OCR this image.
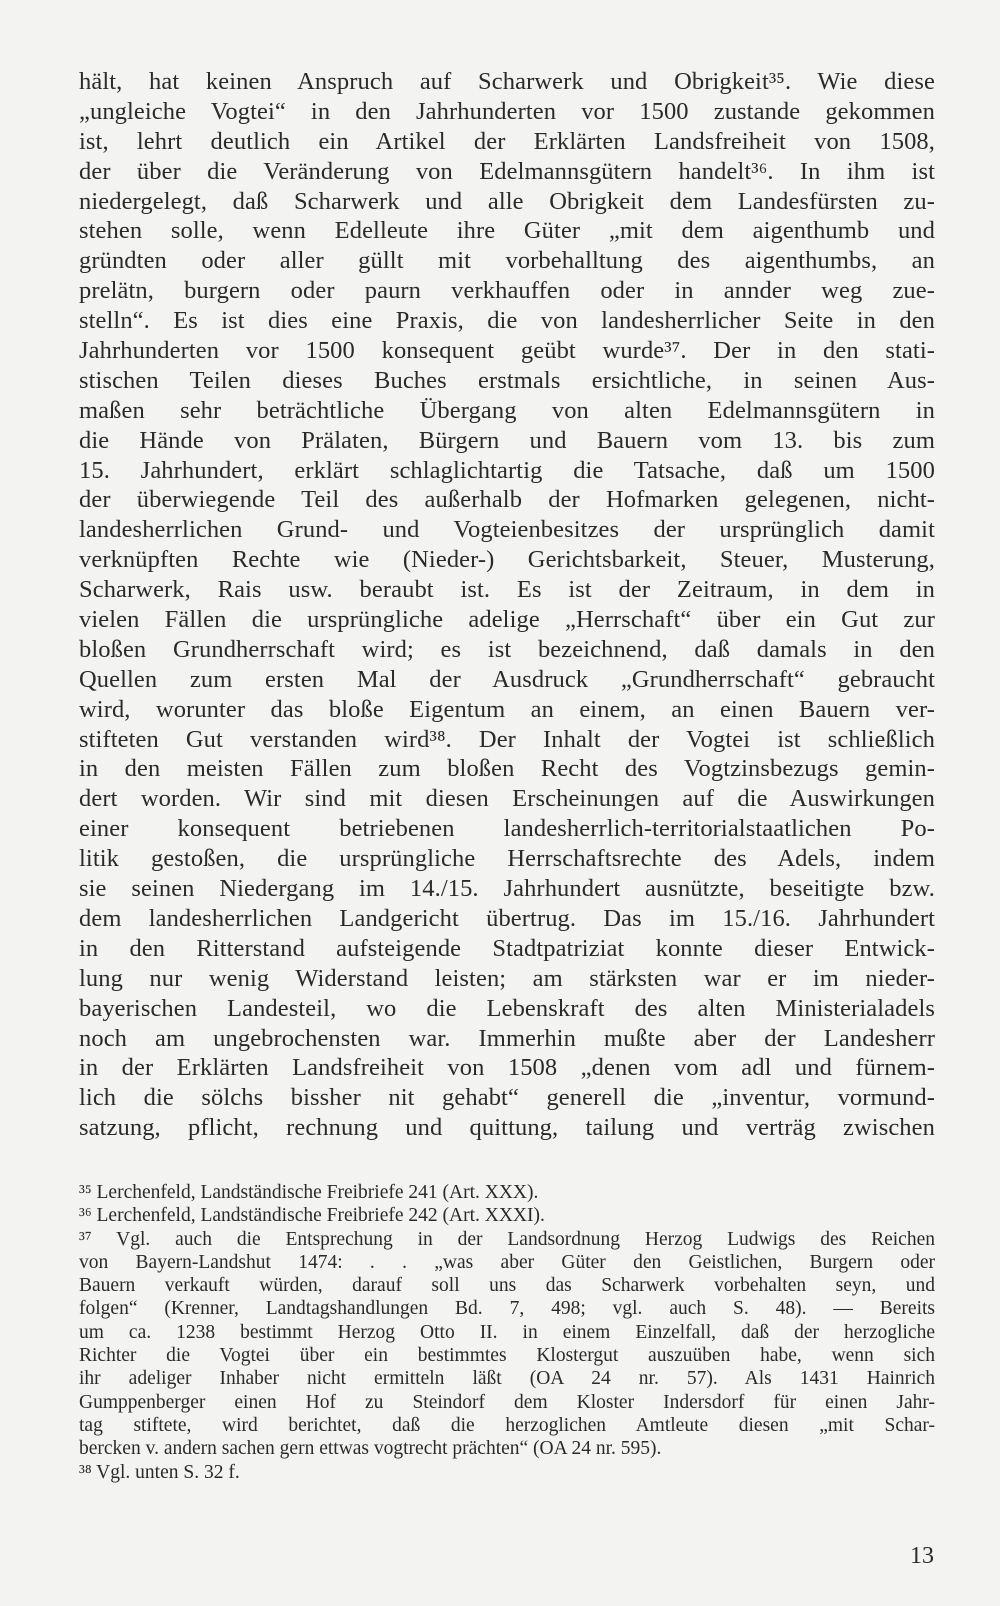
hält, hat keinen Anspruch auf Scharwerk und Obrigkeit³⁵. Wie diese
„ungleiche Vogtei“ in den Jahrhunderten vor 1500 zustande gekommen
ist, lehrt deutlich ein Artikel der Erklärten Landsfreiheit von 1508,
der über die Veränderung von Edelmannsgütern handelt³⁶. In ihm ist
niedergelegt, daß Scharwerk und alle Obrigkeit dem Landesfürsten zu-
stehen solle, wenn Edelleute ihre Güter „mit dem aigenthumb und
gründten oder aller güllt mit vorbehalltung des aigenthumbs, an
prelätn, burgern oder paurn verkhauffen oder in annder weg zue-
stelln“. Es ist dies eine Praxis, die von landesherrlicher Seite in den
Jahrhunderten vor 1500 konsequent geübt wurde³⁷. Der in den stati-
stischen Teilen dieses Buches erstmals ersichtliche, in seinen Aus-
maßen sehr beträchtliche Übergang von alten Edelmannsgütern in
die Hände von Prälaten, Bürgern und Bauern vom 13. bis zum
15. Jahrhundert, erklärt schlaglichtartig die Tatsache, daß um 1500
der überwiegende Teil des außerhalb der Hofmarken gelegenen, nicht-
landesherrlichen Grund- und Vogteienbesitzes der ursprünglich damit
verknüpften Rechte wie (Nieder-) Gerichtsbarkeit, Steuer, Musterung,
Scharwerk, Rais usw. beraubt ist. Es ist der Zeitraum, in dem in
vielen Fällen die ursprüngliche adelige „Herrschaft“ über ein Gut zur
bloßen Grundherrschaft wird; es ist bezeichnend, daß damals in den
Quellen zum ersten Mal der Ausdruck „Grundherrschaft“ gebraucht
wird, worunter das bloße Eigentum an einem, an einen Bauern ver-
stifteten Gut verstanden wird³⁸. Der Inhalt der Vogtei ist schließlich
in den meisten Fällen zum bloßen Recht des Vogtzinsbezugs gemin-
dert worden. Wir sind mit diesen Erscheinungen auf die Auswirkungen
einer konsequent betriebenen landesherrlich-territorialstaatlichen Po-
litik gestoßen, die ursprüngliche Herrschaftsrechte des Adels, indem
sie seinen Niedergang im 14./15. Jahrhundert ausnützte, beseitigte bzw.
dem landesherrlichen Landgericht übertrug. Das im 15./16. Jahrhundert
in den Ritterstand aufsteigende Stadtpatriziat konnte dieser Entwick-
lung nur wenig Widerstand leisten; am stärksten war er im nieder-
bayerischen Landesteil, wo die Lebenskraft des alten Ministerialadels
noch am ungebrochensten war. Immerhin mußte aber der Landesherr
in der Erklärten Landsfreiheit von 1508 „denen vom adl und fürnem-
lich die sölchs bissher nit gehabt“ generell die „inventur, vormund-
satzung, pflicht, rechnung und quittung, tailung und verträg zwischen
³⁵ Lerchenfeld, Landständische Freibriefe 241 (Art. XXX).
³⁶ Lerchenfeld, Landständische Freibriefe 242 (Art. XXXI).
³⁷ Vgl. auch die Entsprechung in der Landsordnung Herzog Ludwigs des Reichen
von Bayern-Landshut 1474: . . „was aber Güter den Geistlichen, Burgern oder
Bauern verkauft würden, darauf soll uns das Scharwerk vorbehalten seyn, und
folgen“ (Krenner, Landtagshandlungen Bd. 7, 498; vgl. auch S. 48). — Bereits
um ca. 1238 bestimmt Herzog Otto II. in einem Einzelfall, daß der herzogliche
Richter die Vogtei über ein bestimmtes Klostergut auszuüben habe, wenn sich
ihr adeliger Inhaber nicht ermitteln läßt (OA 24 nr. 57). Als 1431 Hainrich
Gumppenberger einen Hof zu Steindorf dem Kloster Indersdorf für einen Jahr-
tag stiftete, wird berichtet, daß die herzoglichen Amtleute diesen „mit Schar-
bercken v. andern sachen gern ettwas vogtrecht prächten“ (OA 24 nr. 595).
³⁸ Vgl. unten S. 32 f.
13
